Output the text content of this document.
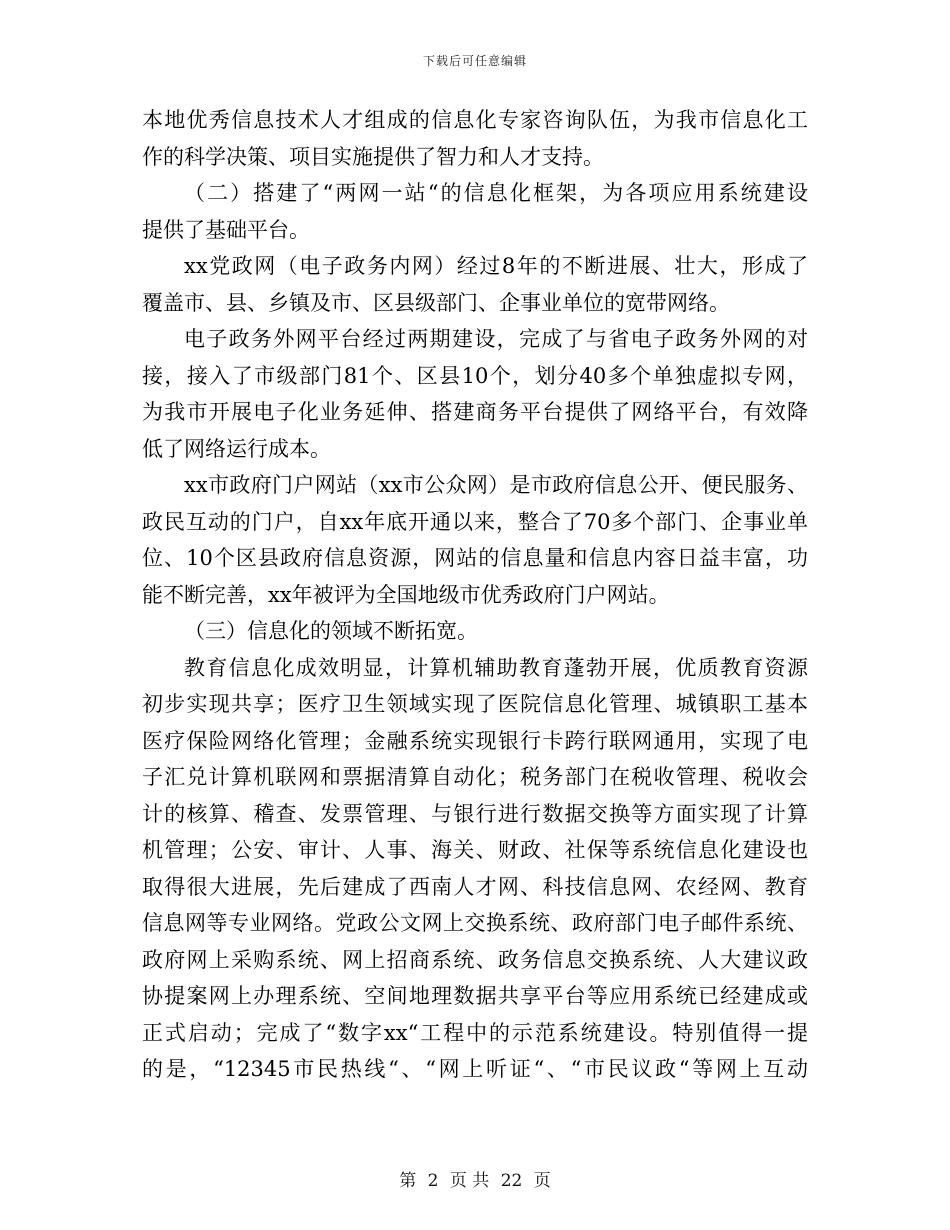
下载后可任意编辑
本地优秀信息技术人才组成的信息化专家咨询队伍，为我市信息化工
作的科学决策、项目实施提供了智力和人才支持。
（二）搭建了“两网一站“的信息化框架，为各项应用系统建设
提供了基础平台。
xx党政网（电子政务内网）经过8年的不断进展、壮大，形成了
覆盖市、县、乡镇及市、区县级部门、企事业单位的宽带网络。
电子政务外网平台经过两期建设，完成了与省电子政务外网的对
接，接入了市级部门81个、区县10个，划分40多个单独虚拟专网，
为我市开展电子化业务延伸、搭建商务平台提供了网络平台，有效降
低了网络运行成本。
xx市政府门户网站（xx市公众网）是市政府信息公开、便民服务、
政民互动的门户，自xx年底开通以来，整合了70多个部门、企事业单
位、10个区县政府信息资源，网站的信息量和信息内容日益丰富，功
能不断完善，xx年被评为全国地级市优秀政府门户网站。
（三）信息化的领域不断拓宽。
教育信息化成效明显，计算机辅助教育蓬勃开展，优质教育资源
初步实现共享；医疗卫生领域实现了医院信息化管理、城镇职工基本
医疗保险网络化管理；金融系统实现银行卡跨行联网通用，实现了电
子汇兑计算机联网和票据清算自动化；税务部门在税收管理、税收会
计的核算、稽查、发票管理、与银行进行数据交换等方面实现了计算
机管理；公安、审计、人事、海关、财政、社保等系统信息化建设也
取得很大进展，先后建成了西南人才网、科技信息网、农经网、教育
信息网等专业网络。党政公文网上交换系统、政府部门电子邮件系统、
政府网上采购系统、网上招商系统、政务信息交换系统、人大建议政
协提案网上办理系统、空间地理数据共享平台等应用系统已经建成或
正式启动；完成了“数字xx“工程中的示范系统建设。特别值得一提
的是，“12345市民热线“、“网上听证“、“市民议政“等网上互动
第 2 页 共 22 页
